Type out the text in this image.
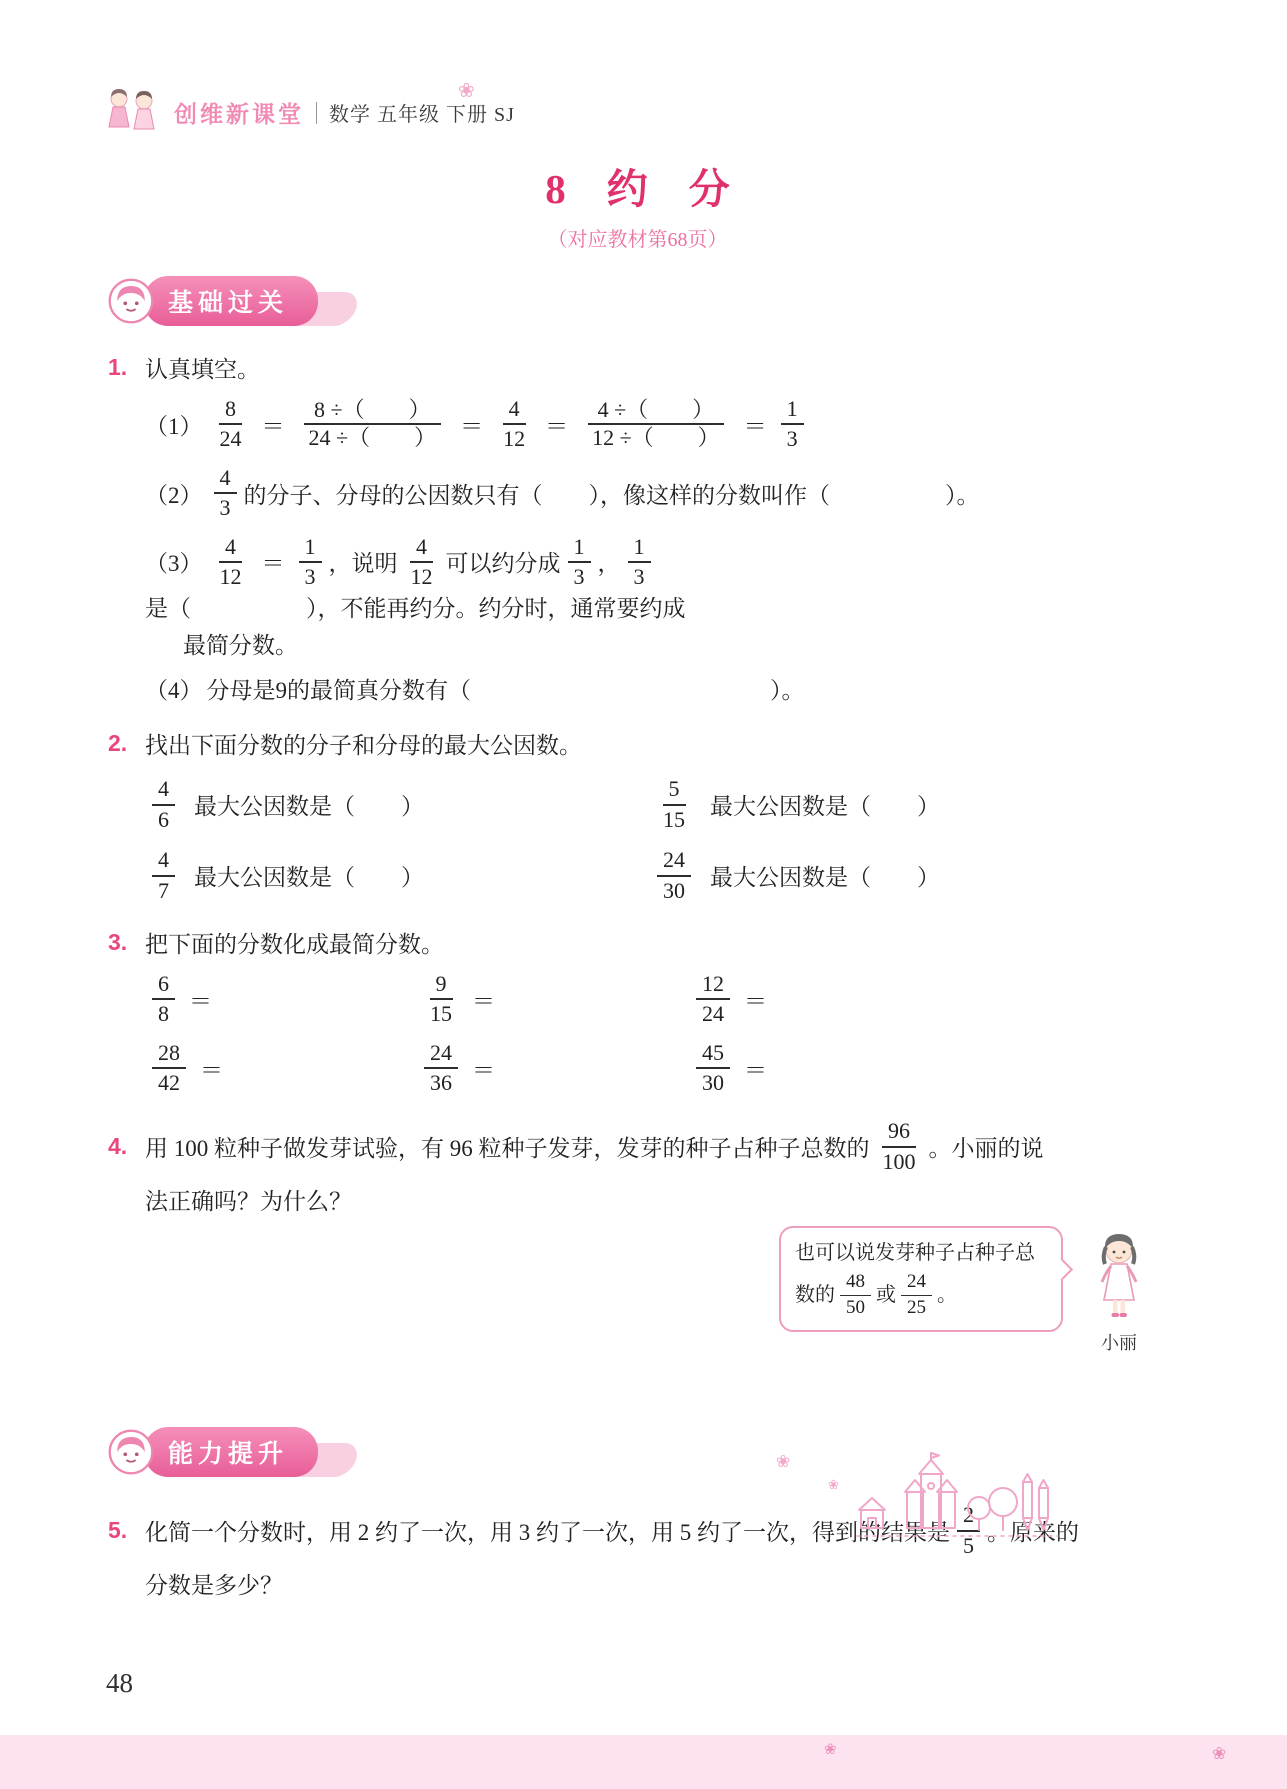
创维新课堂 数学 五年级 下册 SJ
❀
8　约　分
（对应教材第68页）
基础过关
1. 认真填空。
$(1) \frac{8}{24} = \frac{8 \div( )}{24 \div( )} = \frac{4}{12} = \frac{4 \div( )}{12 \div( )} = \frac{1}{3}$
$(2) \frac{4}{3}$ 的分子、分母的公因数只有（　　），像这样的分数叫作（　　　　　）。
$(3) \frac{4}{12} = \frac{1}{3}$ ，说明 $\frac{4}{12}$ 可以约分成 $\frac{1}{3}$ ， $\frac{1}{3}$
是（　　　　　），不能再约分。约分时，通常要约成
最简分数。
（4） 分母是9的最简真分数有（　　　　　　　　　　　　　）。
2. 找出下面分数的分子和分母的最大公因数。
$\frac{4}{6}$ 最大公因数是（　　）	$\frac{5}{15}$ 最大公因数是（　　）
$\frac{4}{7}$ 最大公因数是（　　）	$\frac{24}{30}$ 最大公因数是（　　）
3. 把下面的分数化成最简分数。
$\frac{6}{8}$ ＝	$\frac{9}{15}$ ＝	$\frac{12}{24}$ ＝
$\frac{28}{42}$ ＝	$\frac{24}{36}$ ＝	$\frac{45}{30}$ ＝
4. 用 100 粒种子做发芽试验，有 96 粒种子发芽，发芽的种子占种子总数的 $\frac{96}{100}$ 。小丽的说
法正确吗？为什么？
也可以说发芽种子占种子总
数的 $\frac{48}{50}$ 或 $\frac{24}{25}$ 。
小丽
能力提升
5. 化简一个分数时，用 2 约了一次，用 3 约了一次，用 5 约了一次，得到的结果是 $\frac{2}{5}$ 。原来的
分数是多少？
❀
❀
48
❀	❀
